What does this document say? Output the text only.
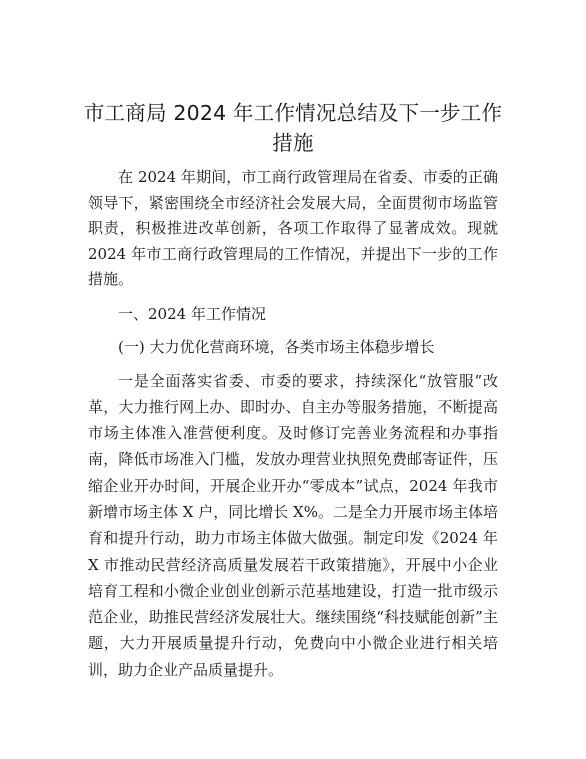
市工商局 2024 年工作情况总结及下一步工作措施

在 2024 年期间，市工商行政管理局在省委、市委的正确领导下，紧密围绕全市经济社会发展大局，全面贯彻市场监管职责，积极推进改革创新，各项工作取得了显著成效。现就 2024 年市工商行政管理局的工作情况，并提出下一步的工作措施。

一、2024 年工作情况

(一) 大力优化营商环境，各类市场主体稳步增长

一是全面落实省委、市委的要求，持续深化“放管服”改革，大力推行网上办、即时办、自主办等服务措施，不断提高市场主体准入准营便利度。及时修订完善业务流程和办事指南，降低市场准入门槛，发放办理营业执照免费邮寄证件，压缩企业开办时间，开展企业开办“零成本”试点，2024 年我市新增市场主体 X 户，同比增长 X%。二是全力开展市场主体培育和提升行动，助力市场主体做大做强。制定印发《2024 年 X 市推动民营经济高质量发展若干政策措施》，开展中小企业培育工程和小微企业创业创新示范基地建设，打造一批市级示范企业，助推民营经济发展壮大。继续围绕“科技赋能创新”主题，大力开展质量提升行动，免费向中小微企业进行相关培训，助力企业产品质量提升。
